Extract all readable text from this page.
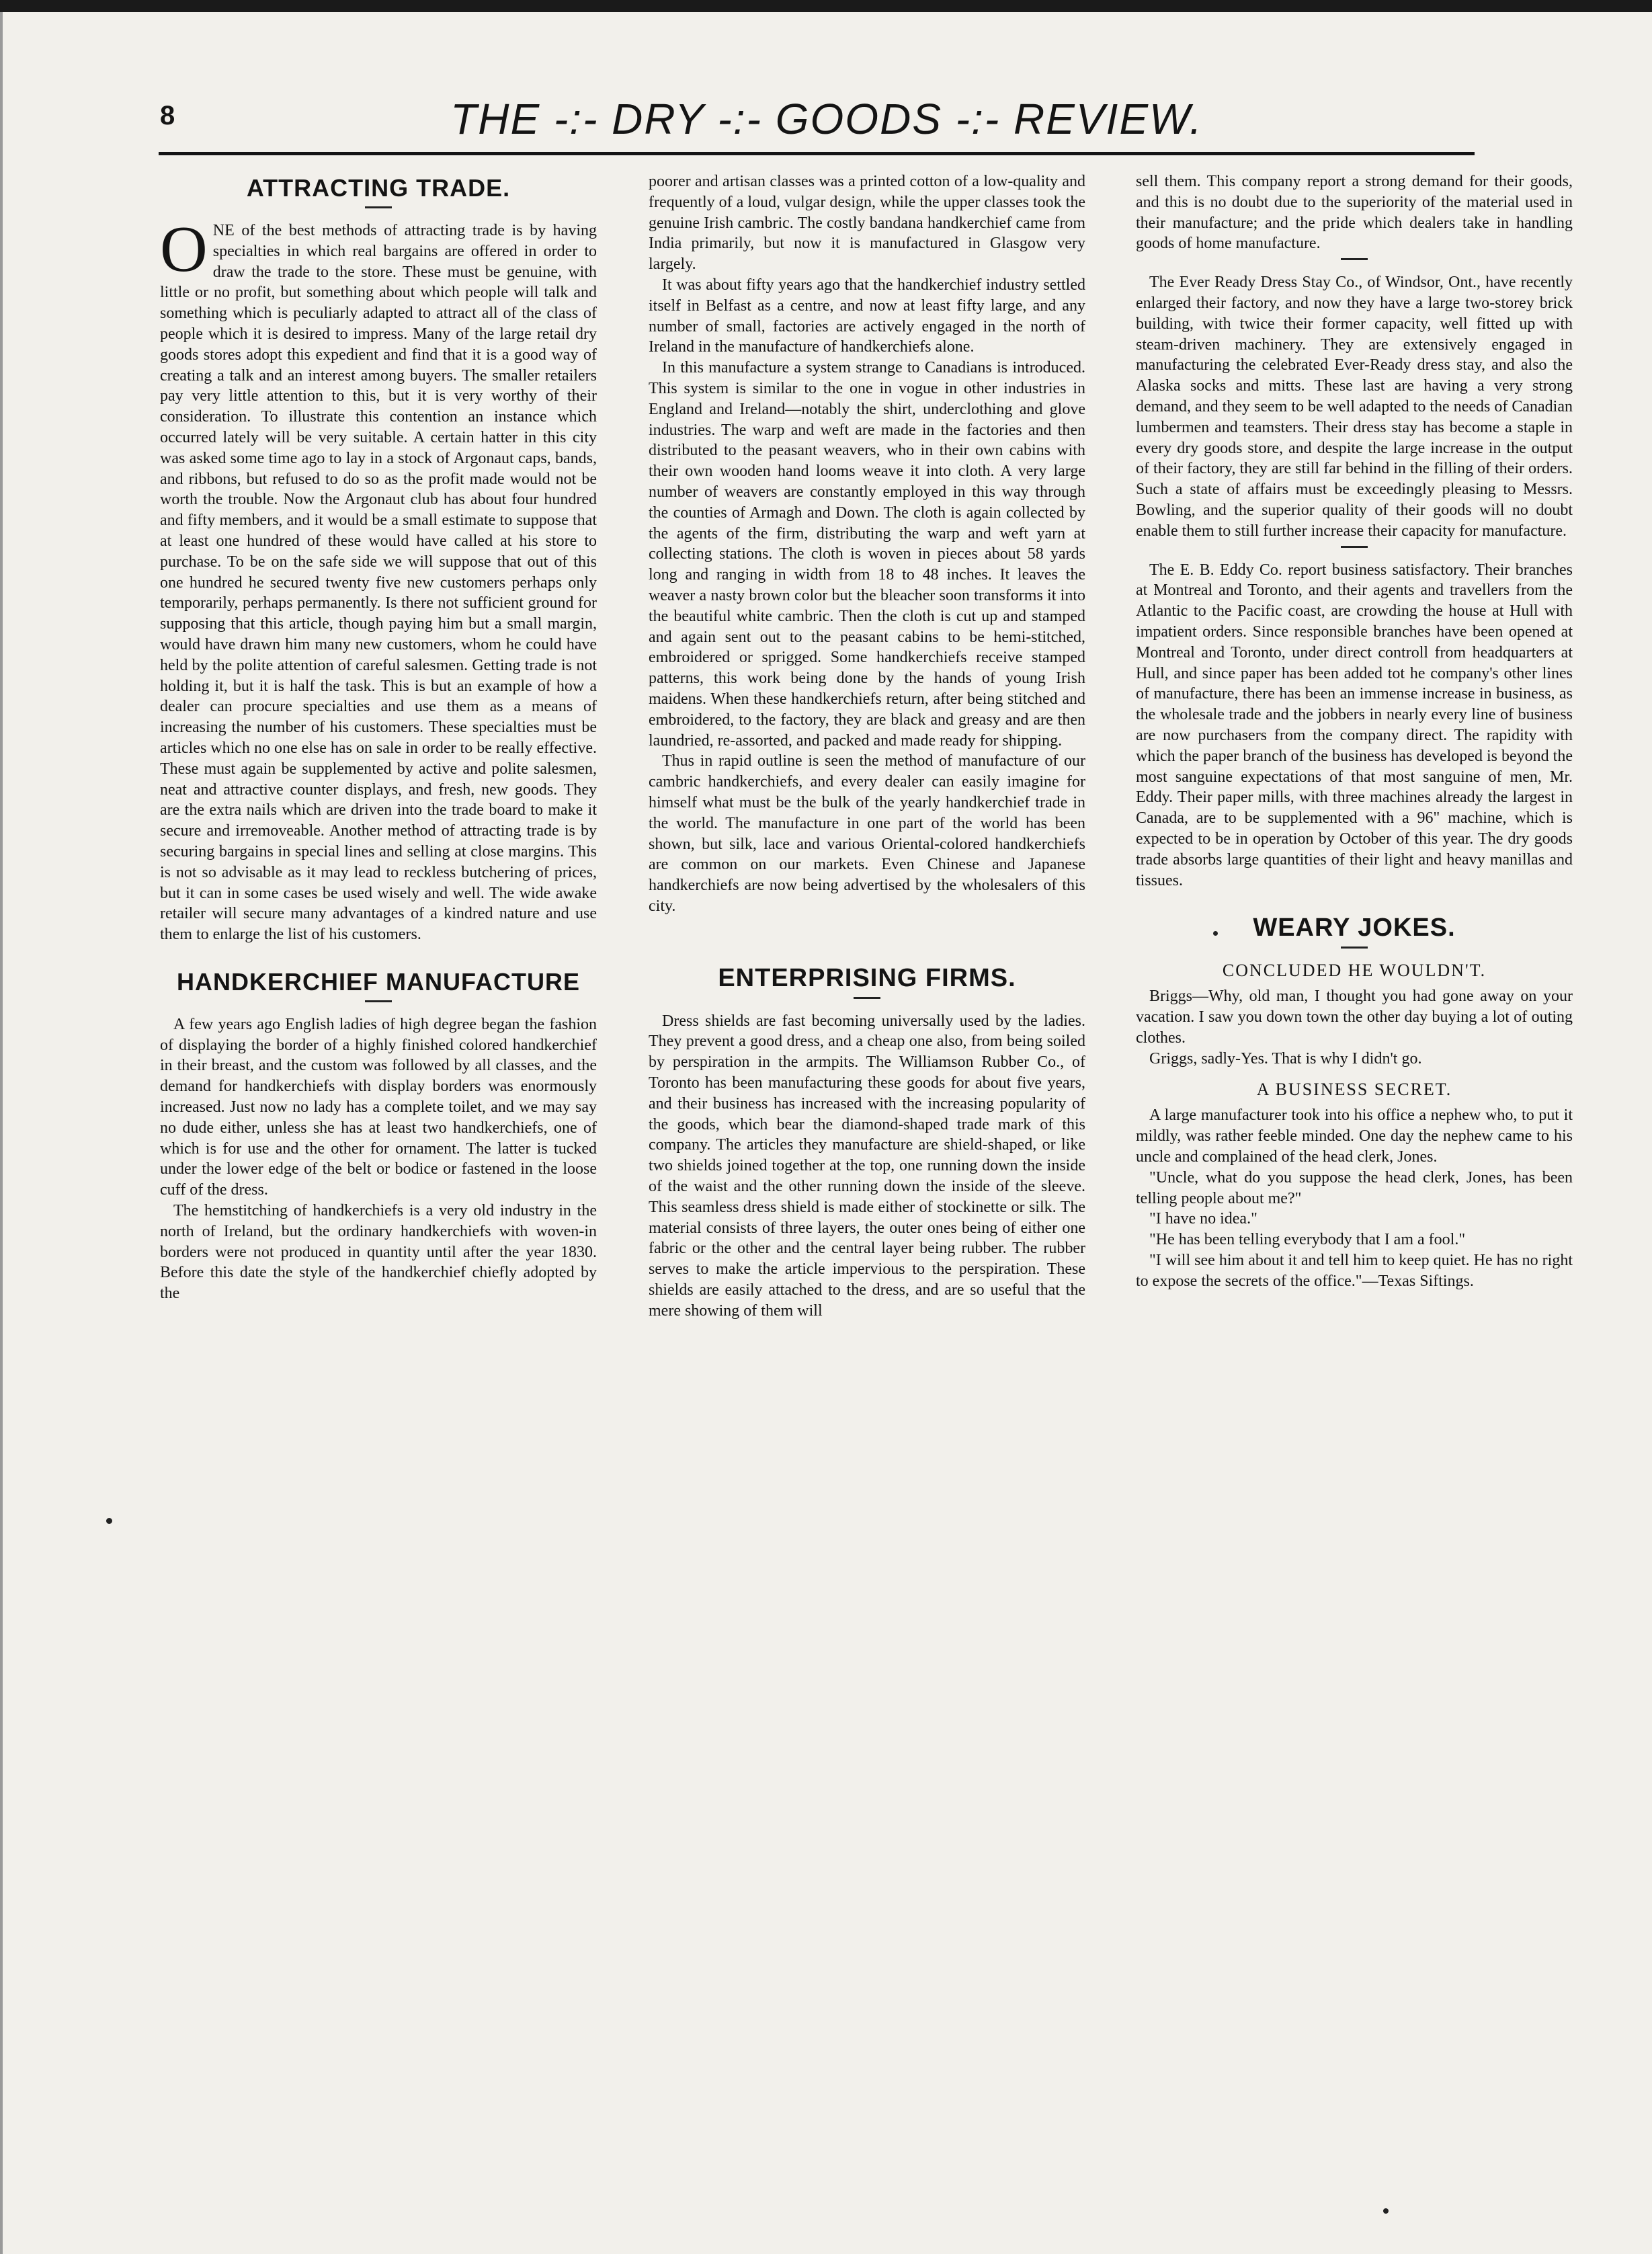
8	THE -:- DRY -:- GOODS -:- REVIEW.
ATTRACTING TRADE.

ONE of the best methods of attracting trade is by having specialties in which real bargains are offered in order to draw the trade to the store. These must be genuine, with little or no profit, but something about which people will talk and something which is peculiarly adapted to attract all of the class of people which it is desired to impress. Many of the large retail dry goods stores adopt this expedient and find that it is a good way of creating a talk and an interest among buyers. The smaller retailers pay very little attention to this, but it is very worthy of their consideration. To illustrate this contention an instance which occurred lately will be very suitable. A certain hatter in this city was asked some time ago to lay in a stock of Argonaut caps, bands, and ribbons, but refused to do so as the profit made would not be worth the trouble. Now the Argonaut club has about four hundred and fifty members, and it would be a small estimate to suppose that at least one hundred of these would have called at his store to purchase. To be on the safe side we will suppose that out of this one hundred he secured twenty five new customers perhaps only temporarily, perhaps permanently. Is there not sufficient ground for supposing that this article, though paying him but a small margin, would have drawn him many new customers, whom he could have held by the polite attention of careful salesmen. Getting trade is not holding it, but it is half the task. This is but an example of how a dealer can procure specialties and use them as a means of increasing the number of his customers. These specialties must be articles which no one else has on sale in order to be really effective. These must again be supplemented by active and polite salesmen, neat and attractive counter displays, and fresh, new goods. They are the extra nails which are driven into the trade board to make it secure and irremoveable. Another method of attracting trade is by securing bargains in special lines and selling at close margins. This is not so advisable as it may lead to reckless butchering of prices, but it can in some cases be used wisely and well. The wide awake retailer will secure many advantages of a kindred nature and use them to enlarge the list of his customers.

HANDKERCHIEF MANUFACTURE

A few years ago English ladies of high degree began the fashion of displaying the border of a highly finished colored handkerchief in their breast, and the custom was followed by all classes, and the demand for handkerchiefs with display borders was enormously increased. Just now no lady has a complete toilet, and we may say no dude either, unless she has at least two handkerchiefs, one of which is for use and the other for ornament. The latter is tucked under the lower edge of the belt or bodice or fastened in the loose cuff of the dress.

The hemstitching of handkerchiefs is a very old industry in the north of Ireland, but the ordinary handkerchiefs with woven-in borders were not produced in quantity until after the year 1830. Before this date the style of the handkerchief chiefly adopted by the

poorer and artisan classes was a printed cotton of a low-quality and frequently of a loud, vulgar design, while the upper classes took the genuine Irish cambric. The costly bandana handkerchief came from India primarily, but now it is manufactured in Glasgow very largely.

It was about fifty years ago that the handkerchief industry settled itself in Belfast as a centre, and now at least fifty large, and any number of small, factories are actively engaged in the north of Ireland in the manufacture of handkerchiefs alone.

In this manufacture a system strange to Canadians is introduced. This system is similar to the one in vogue in other industries in England and Ireland—notably the shirt, underclothing and glove industries. The warp and weft are made in the factories and then distributed to the peasant weavers, who in their own cabins with their own wooden hand looms weave it into cloth. A very large number of weavers are constantly employed in this way through the counties of Armagh and Down. The cloth is again collected by the agents of the firm, distributing the warp and weft yarn at collecting stations. The cloth is woven in pieces about 58 yards long and ranging in width from 18 to 48 inches. It leaves the weaver a nasty brown color but the bleacher soon transforms it into the beautiful white cambric. Then the cloth is cut up and stamped and again sent out to the peasant cabins to be hemi-stitched, embroidered or sprigged. Some handkerchiefs receive stamped patterns, this work being done by the hands of young Irish maidens. When these handkerchiefs return, after being stitched and embroidered, to the factory, they are black and greasy and are then laundried, re-assorted, and packed and made ready for shipping.

Thus in rapid outline is seen the method of manufacture of our cambric handkerchiefs, and every dealer can easily imagine for himself what must be the bulk of the yearly handkerchief trade in the world. The manufacture in one part of the world has been shown, but silk, lace and various Oriental-colored handkerchiefs are common on our markets. Even Chinese and Japanese handkerchiefs are now being advertised by the wholesalers of this city.

ENTERPRISING FIRMS.

Dress shields are fast becoming universally used by the ladies. They prevent a good dress, and a cheap one also, from being soiled by perspiration in the armpits. The Williamson Rubber Co., of Toronto has been manufacturing these goods for about five years, and their business has increased with the increasing popularity of the goods, which bear the diamond-shaped trade mark of this company. The articles they manufacture are shield-shaped, or like two shields joined together at the top, one running down the inside of the waist and the other running down the inside of the sleeve. This seamless dress shield is made either of stockinette or silk. The material consists of three layers, the outer ones being of either one fabric or the other and the central layer being rubber. The rubber serves to make the article impervious to the perspiration. These shields are easily attached to the dress, and are so useful that the mere showing of them will

sell them. This company report a strong demand for their goods, and this is no doubt due to the superiority of the material used in their manufacture; and the pride which dealers take in handling goods of home manufacture.

The Ever Ready Dress Stay Co., of Windsor, Ont., have recently enlarged their factory, and now they have a large two-storey brick building, with twice their former capacity, well fitted up with steam-driven machinery. They are extensively engaged in manufacturing the celebrated Ever-Ready dress stay, and also the Alaska socks and mitts. These last are having a very strong demand, and they seem to be well adapted to the needs of Canadian lumbermen and teamsters. Their dress stay has become a staple in every dry goods store, and despite the large increase in the output of their factory, they are still far behind in the filling of their orders. Such a state of affairs must be exceedingly pleasing to Messrs. Bowling, and the superior quality of their goods will no doubt enable them to still further increase their capacity for manufacture.

The E. B. Eddy Co. report business satisfactory. Their branches at Montreal and Toronto, and their agents and travellers from the Atlantic to the Pacific coast, are crowding the house at Hull with impatient orders. Since responsible branches have been opened at Montreal and Toronto, under direct controll from headquarters at Hull, and since paper has been added tot he company's other lines of manufacture, there has been an immense increase in business, as the wholesale trade and the jobbers in nearly every line of business are now purchasers from the company direct. The rapidity with which the paper branch of the business has developed is beyond the most sanguine expectations of that most sanguine of men, Mr. Eddy. Their paper mills, with three machines already the largest in Canada, are to be supplemented with a 96" machine, which is expected to be in operation by October of this year. The dry goods trade absorbs large quantities of their light and heavy manillas and tissues.

WEARY JOKES.
CONCLUDED HE WOULDN'T.

Briggs—Why, old man, I thought you had gone away on your vacation. I saw you down town the other day buying a lot of outing clothes.

Griggs, sadly-Yes. That is why I didn't go.

A BUSINESS SECRET.

A large manufacturer took into his office a nephew who, to put it mildly, was rather feeble minded. One day the nephew came to his uncle and complained of the head clerk, Jones.

"Uncle, what do you suppose the head clerk, Jones, has been telling people about me?"

"I have no idea."

"He has been telling everybody that I am a fool."

"I will see him about it and tell him to keep quiet. He has no right to expose the secrets of the office."—Texas Siftings.
